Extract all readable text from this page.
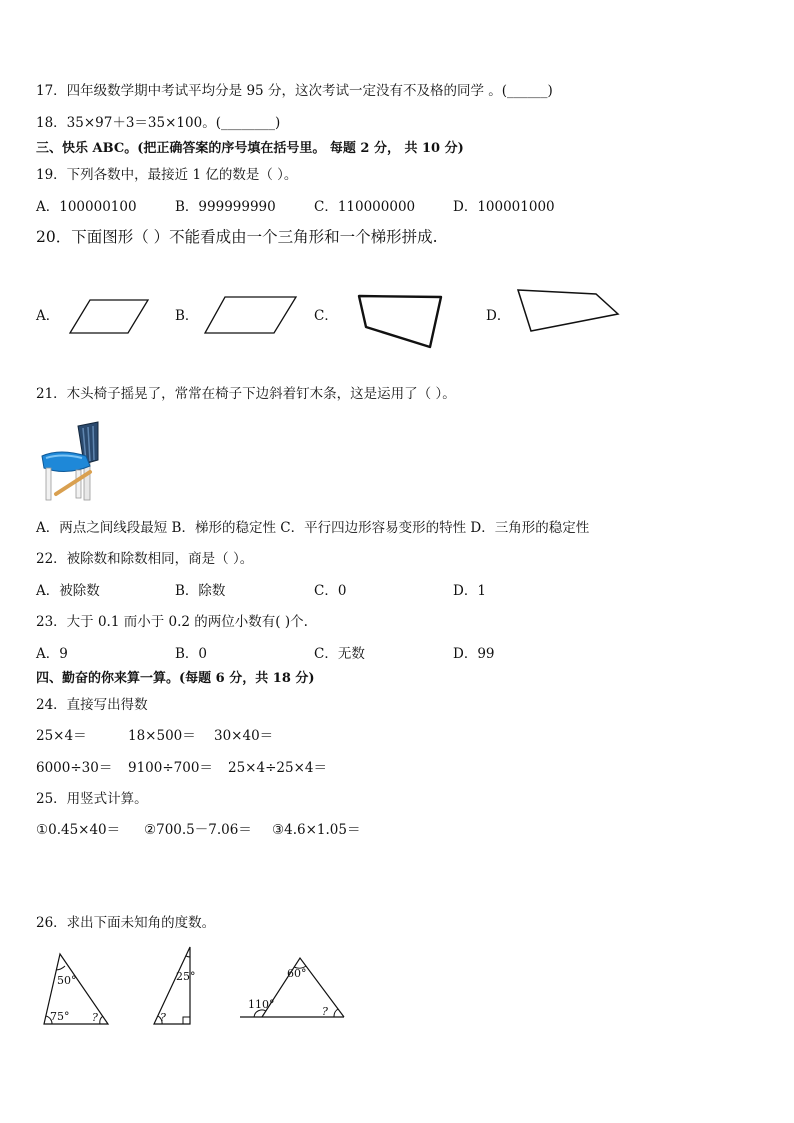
17．四年级数学期中考试平均分是 95 分，这次考试一定没有不及格的同学 。(______)
18．35×97＋3＝35×100。(________)
三、快乐 ABC。(把正确答案的序号填在括号里。 每题 2 分， 共 10 分)
19．下列各数中，最接近 1 亿的数是（ ）。
A．100000100	B．999999990	C．110000000	D．100001000
20．下面图形（ ）不能看成由一个三角形和一个梯形拼成.
A．	B．	C．	D．
21．木头椅子摇晃了，常常在椅子下边斜着钉木条，这是运用了（ ）。
A．两点之间线段最短 B．梯形的稳定性 C．平行四边形容易变形的特性 D．三角形的稳定性
22．被除数和除数相同，商是（ ）。
A．被除数	B．除数	C．0	D．1
23．大于 0.1 而小于 0.2 的两位小数有( )个.
A．9	B．0	C．无数	D．99
四、勤奋的你来算一算。(每题 6 分，共 18 分)
24．直接写出得数
25×4＝	18×500＝ 30×40＝
6000÷30＝ 9100÷700＝ 25×4÷25×4＝
25．用竖式计算。
①0.45×40＝ ②700.5－7.06＝ ③4.6×1.05＝
26．求出下面未知角的度数。
50°
75° ?
25°
?
60°
110°
?
